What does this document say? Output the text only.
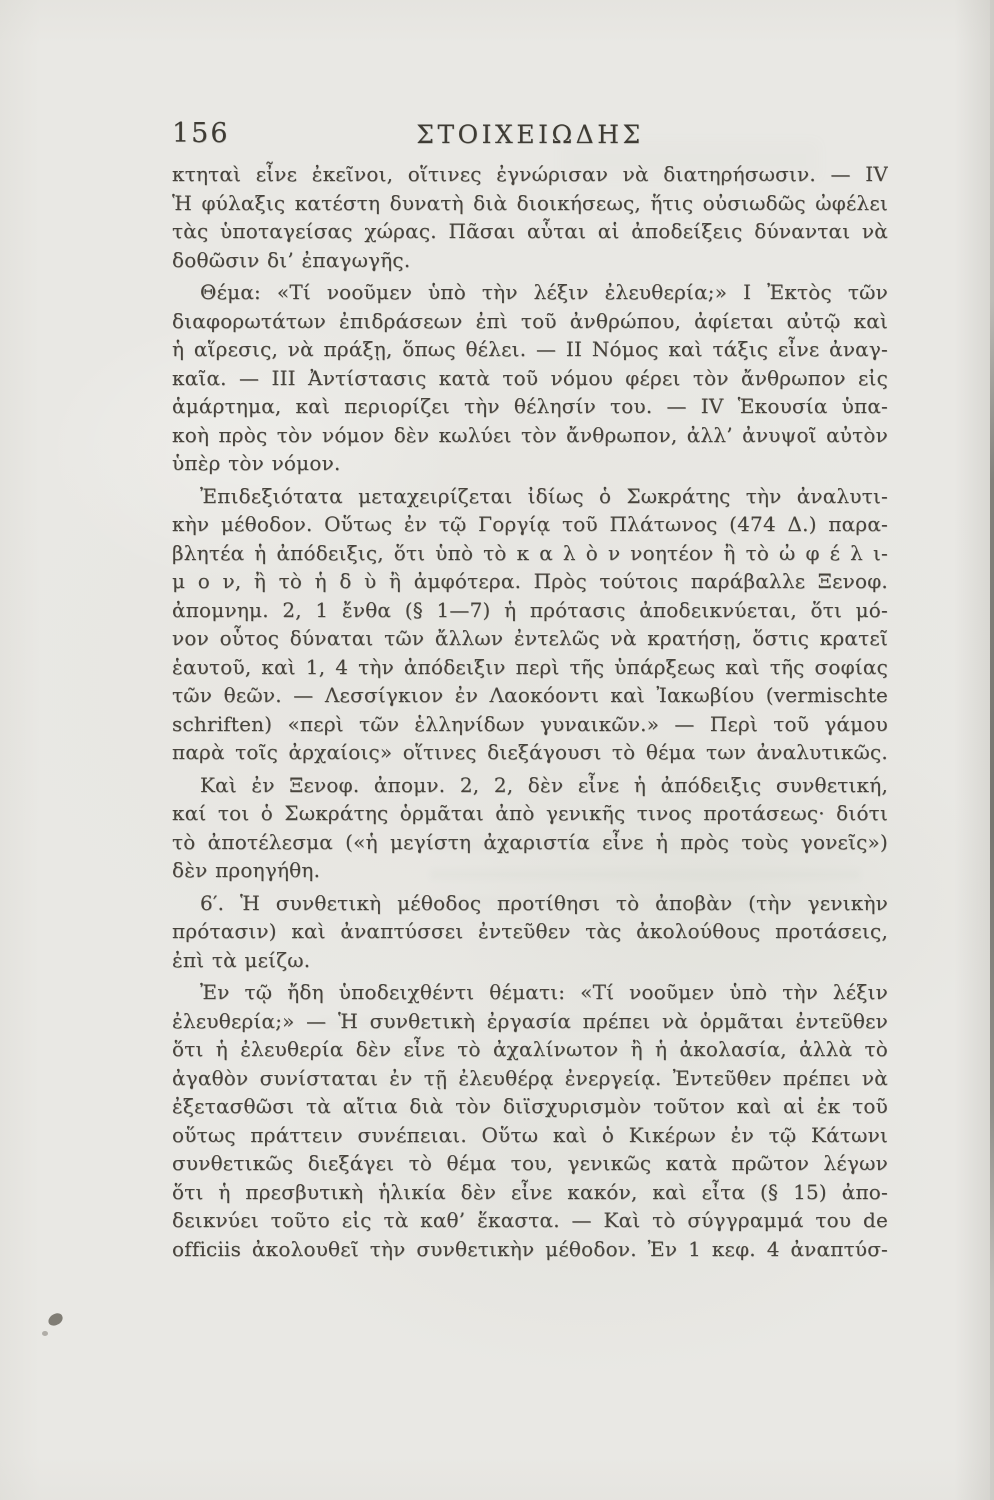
156	ΣΤΟΙΧΕΙΩΔΗΣ
κτηταὶ εἶνε ἐκεῖνοι, οἵτινες ἐγνώρισαν νὰ διατηρήσωσιν. — IV
Ἡ φύλαξις κατέστη δυνατὴ διὰ διοικήσεως, ἥτις οὐσιωδῶς ὠφέλει
τὰς ὑποταγείσας χώρας. Πᾶσαι αὗται αἱ ἀποδείξεις δύνανται νὰ
δοθῶσιν δι’ ἐπαγωγῆς.
Θέμα: «Τί νοοῦμεν ὑπὸ τὴν λέξιν ἐλευθερία;» I Ἐκτὸς τῶν
διαφορωτάτων ἐπιδράσεων ἐπὶ τοῦ ἀνθρώπου, ἀφίεται αὐτῷ καὶ
ἡ αἵρεσις, νὰ πράξῃ, ὅπως θέλει. — II Νόμος καὶ τάξις εἶνε ἀναγ-
καῖα. — III Ἀντίστασις κατὰ τοῦ νόμου φέρει τὸν ἄνθρωπον εἰς
ἁμάρτημα, καὶ περιορίζει τὴν θέλησίν του. — IV Ἑκουσία ὑπα-
κοὴ πρὸς τὸν νόμον δὲν κωλύει τὸν ἄνθρωπον, ἀλλ’ ἀνυψοῖ αὐτὸν
ὑπὲρ τὸν νόμον.
Ἐπιδεξιότατα μεταχειρίζεται ἰδίως ὁ Σωκράτης τὴν ἀναλυτι-
κὴν μέθοδον. Οὕτως ἐν τῷ Γοργίᾳ τοῦ Πλάτωνος (474 Δ.) παρα-
βλητέα ἡ ἀπόδειξις, ὅτι ὑπὸ τὸ κ α λ ὸ ν νοητέον ἢ τὸ ὠ φ έ λ ι-
μ ο ν, ἢ τὸ ἡ δ ὺ ἢ ἀμφότερα. Πρὸς τούτοις παράβαλλε Ξενοφ.
ἀπομνημ. 2, 1 ἔνθα (§ 1—7) ἡ πρότασις ἀποδεικνύεται, ὅτι μό-
νον οὗτος δύναται τῶν ἄλλων ἐντελῶς νὰ κρατήσῃ, ὅστις κρατεῖ
ἑαυτοῦ, καὶ 1, 4 τὴν ἀπόδειξιν περὶ τῆς ὑπάρξεως καὶ τῆς σοφίας
τῶν θεῶν. — Λεσσίγκιον ἐν Λαοκόοντι καὶ Ἰακωβίου (vermischte
schriften) «περὶ τῶν ἑλληνίδων γυναικῶν.» — Περὶ τοῦ γάμου
παρὰ τοῖς ἀρχαίοις» οἵτινες διεξάγουσι τὸ θέμα των ἀναλυτικῶς.
Καὶ ἐν Ξενοφ. ἀπομν. 2, 2, δὲν εἶνε ἡ ἀπόδειξις συνθετική,
καί τοι ὁ Σωκράτης ὁρμᾶται ἀπὸ γενικῆς τινος προτάσεως· διότι
τὸ ἀποτέλεσμα («ἡ μεγίστη ἀχαριστία εἶνε ἡ πρὸς τοὺς γονεῖς»)
δὲν προηγήθη.
6′. Ἡ συνθετικὴ μέθοδος προτίθησι τὸ ἀποβὰν (τὴν γενικὴν
πρότασιν) καὶ ἀναπτύσσει ἐντεῦθεν τὰς ἀκολούθους προτάσεις,
ἐπὶ τὰ μείζω.
Ἐν τῷ ἤδη ὑποδειχθέντι θέματι: «Τί νοοῦμεν ὑπὸ τὴν λέξιν
ἐλευθερία;» — Ἡ συνθετικὴ ἐργασία πρέπει νὰ ὁρμᾶται ἐντεῦθεν
ὅτι ἡ ἐλευθερία δὲν εἶνε τὸ ἀχαλίνωτον ἢ ἡ ἀκολασία, ἀλλὰ τὸ
ἀγαθὸν συνίσταται ἐν τῇ ἐλευθέρᾳ ἐνεργείᾳ. Ἐντεῦθεν πρέπει νὰ
ἐξετασθῶσι τὰ αἴτια διὰ τὸν διϊσχυρισμὸν τοῦτον καὶ αἱ ἐκ τοῦ
οὕτως πράττειν συνέπειαι. Οὕτω καὶ ὁ Κικέρων ἐν τῷ Κάτωνι
συνθετικῶς διεξάγει τὸ θέμα του, γενικῶς κατὰ πρῶτον λέγων
ὅτι ἡ πρεσβυτικὴ ἡλικία δὲν εἶνε κακόν, καὶ εἶτα (§ 15) ἀπο-
δεικνύει τοῦτο εἰς τὰ καθ’ ἕκαστα. — Καὶ τὸ σύγγραμμά του de
officiis ἀκολουθεῖ τὴν συνθετικὴν μέθοδον. Ἐν 1 κεφ. 4 ἀναπτύσ-
